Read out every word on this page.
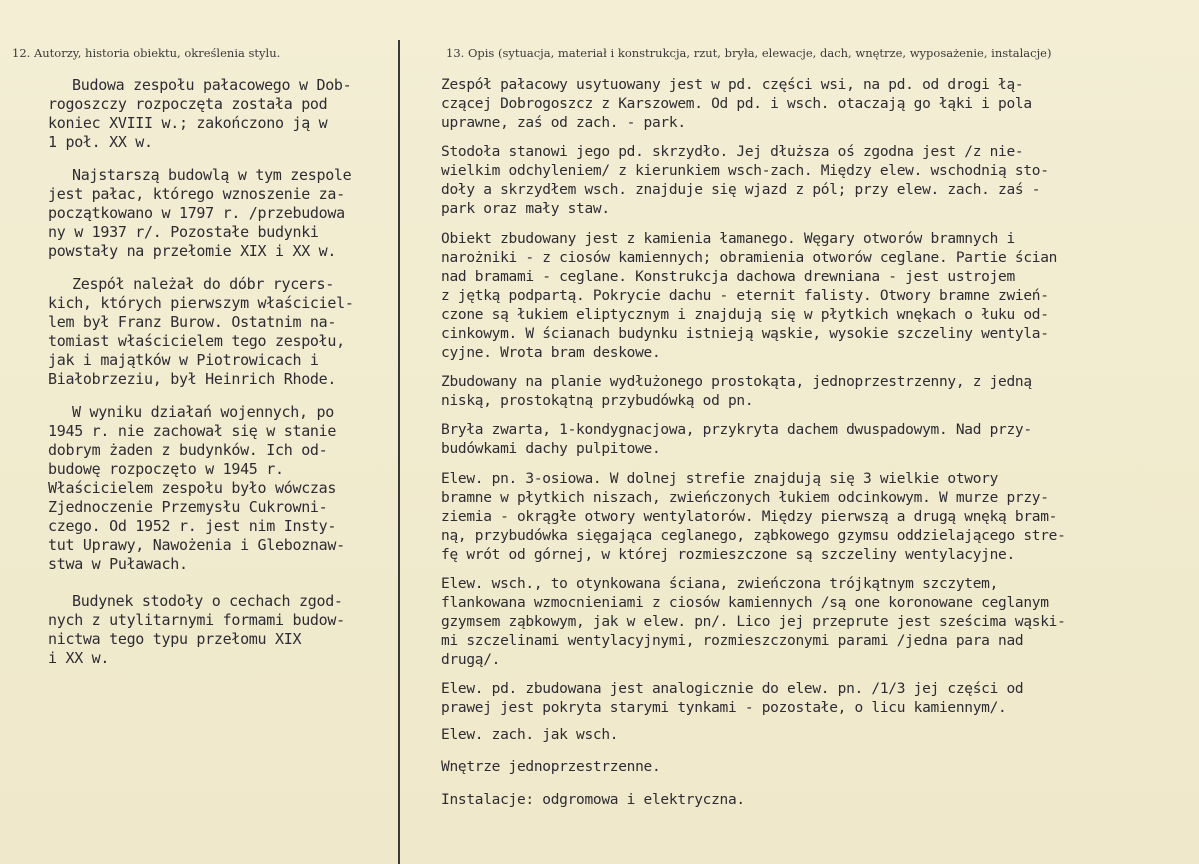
12. Autorzy, historia obiektu, określenia stylu.	13. Opis (sytuacja, materiał i konstrukcja, rzut, bryła, elewacje, dach, wnętrze, wyposażenie, instalacje)
Budowa zespołu pałacowego w Dob-
rogoszczy rozpoczęta została pod
koniec XVIII w.; zakończono ją w
1 poł. XX w.
Najstarszą budowlą w tym zespole
jest pałac, którego wznoszenie za-
początkowano w 1797 r. /przebudowa
ny w 1937 r/. Pozostałe budynki
powstały na przełomie XIX i XX w.
Zespół należał do dóbr rycers-
kich, których pierwszym właściciel-
lem był Franz Burow. Ostatnim na-
tomiast właścicielem tego zespołu,
jak i majątków w Piotrowicach i
Białobrzeziu, był Heinrich Rhode.
W wyniku działań wojennych, po
1945 r. nie zachował się w stanie
dobrym żaden z budynków. Ich od-
budowę rozpoczęto w 1945 r.
Właścicielem zespołu było wówczas
Zjednoczenie Przemysłu Cukrowni-
czego. Od 1952 r. jest nim Insty-
tut Uprawy, Nawożenia i Gleboznaw-
stwa w Puławach.
Budynek stodoły o cechach zgod-
nych z utylitarnymi formami budow-
nictwa tego typu przełomu XIX
i XX w.
Zespół pałacowy usytuowany jest w pd. części wsi, na pd. od drogi łą-
czącej Dobrogoszcz z Karszowem. Od pd. i wsch. otaczają go łąki i pola
uprawne, zaś od zach. - park.
Stodoła stanowi jego pd. skrzydło. Jej dłuższa oś zgodna jest /z nie-
wielkim odchyleniem/ z kierunkiem wsch-zach. Między elew. wschodnią sto-
doły a skrzydłem wsch. znajduje się wjazd z pól; przy elew. zach. zaś -
park oraz mały staw.
Obiekt zbudowany jest z kamienia łamanego. Węgary otworów bramnych i
narożniki - z ciosów kamiennych; obramienia otworów ceglane. Partie ścian
nad bramami - ceglane. Konstrukcja dachowa drewniana - jest ustrojem
z jętką podpartą. Pokrycie dachu - eternit falisty. Otwory bramne zwień-
czone są łukiem eliptycznym i znajdują się w płytkich wnękach o łuku od-
cinkowym. W ścianach budynku istnieją wąskie, wysokie szczeliny wentyla-
cyjne. Wrota bram deskowe.
Zbudowany na planie wydłużonego prostokąta, jednoprzestrzenny, z jedną
niską, prostokątną przybudówką od pn.
Bryła zwarta, 1-kondygnacjowa, przykryta dachem dwuspadowym. Nad przy-
budówkami dachy pulpitowe.
Elew. pn. 3-osiowa. W dolnej strefie znajdują się 3 wielkie otwory
bramne w płytkich niszach, zwieńczonych łukiem odcinkowym. W murze przy-
ziemia - okrągłe otwory wentylatorów. Między pierwszą a drugą wnęką bram-
ną, przybudówka sięgająca ceglanego, ząbkowego gzymsu oddzielającego stre-
fę wrót od górnej, w której rozmieszczone są szczeliny wentylacyjne.
Elew. wsch., to otynkowana ściana, zwieńczona trójkątnym szczytem,
flankowana wzmocnieniami z ciosów kamiennych /są one koronowane ceglanym
gzymsem ząbkowym, jak w elew. pn/. Lico jej przeprute jest sześcima wąski-
mi szczelinami wentylacyjnymi, rozmieszczonymi parami /jedna para nad
drugą/.
Elew. pd. zbudowana jest analogicznie do elew. pn. /1/3 jej części od
prawej jest pokryta starymi tynkami - pozostałe, o licu kamiennym/.
Elew. zach. jak wsch.
Wnętrze jednoprzestrzenne.
Instalacje: odgromowa i elektryczna.
